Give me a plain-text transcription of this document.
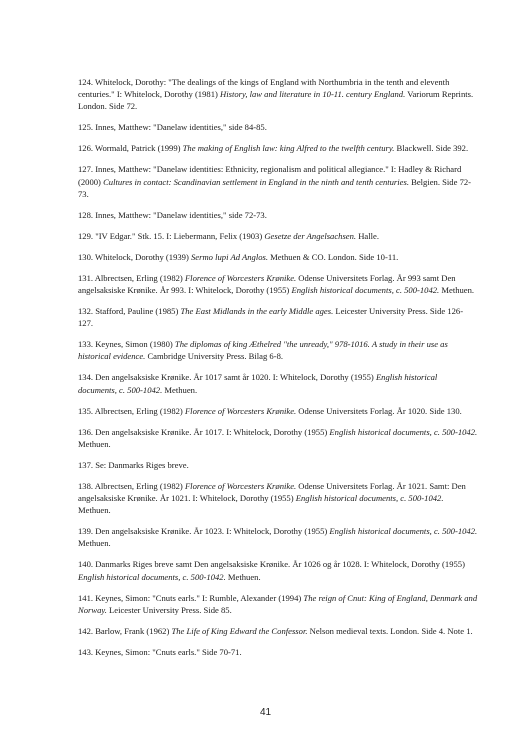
124. Whitelock, Dorothy: "The dealings of the kings of England with Northumbria in the tenth and eleventh centuries." I: Whitelock, Dorothy (1981) History, law and literature in 10-11. century England. Variorum Reprints. London. Side 72.

125. Innes, Matthew: "Danelaw identities," side 84-85.

126. Wormald, Patrick (1999) The making of English law: king Alfred to the twelfth century. Blackwell. Side 392.

127. Innes, Matthew: "Danelaw identities: Ethnicity, regionalism and political allegiance." I: Hadley & Richard (2000) Cultures in contact: Scandinavian settlement in England in the ninth and tenth centuries. Belgien. Side 72-73.

128. Innes, Matthew: "Danelaw identities," side 72-73.

129. "IV Edgar." Stk. 15. I: Liebermann, Felix (1903) Gesetze der Angelsachsen. Halle.

130. Whitelock, Dorothy (1939) Sermo lupi Ad Anglos. Methuen & CO. London. Side 10-11.

131. Albrectsen, Erling (1982) Florence of Worcesters Krønike. Odense Universitets Forlag. År 993 samt Den angelsaksiske Krønike. År 993. I: Whitelock, Dorothy (1955) English historical documents, c. 500-1042. Methuen.

132. Stafford, Pauline (1985) The East Midlands in the early Middle ages. Leicester University Press. Side 126-127.

133. Keynes, Simon (1980) The diplomas of king Æthelred "the unready," 978-1016. A study in their use as historical evidence. Cambridge University Press. Bilag 6-8.

134. Den angelsaksiske Krønike. År 1017 samt år 1020. I: Whitelock, Dorothy (1955) English historical documents, c. 500-1042. Methuen.

135. Albrectsen, Erling (1982) Florence of Worcesters Krønike. Odense Universitets Forlag. År 1020. Side 130.

136. Den angelsaksiske Krønike. År 1017. I: Whitelock, Dorothy (1955) English historical documents, c. 500-1042. Methuen.

137. Se: Danmarks Riges breve.

138. Albrectsen, Erling (1982) Florence of Worcesters Krønike. Odense Universitets Forlag. År 1021. Samt: Den angelsaksiske Krønike. År 1021. I: Whitelock, Dorothy (1955) English historical documents, c. 500-1042. Methuen.

139. Den angelsaksiske Krønike. År 1023. I: Whitelock, Dorothy (1955) English historical documents, c. 500-1042. Methuen.

140. Danmarks Riges breve samt Den angelsaksiske Krønike. År 1026 og år 1028. I: Whitelock, Dorothy (1955) English historical documents, c. 500-1042. Methuen.

141. Keynes, Simon: "Cnuts earls." I: Rumble, Alexander (1994) The reign of Cnut: King of England, Denmark and Norway. Leicester University Press. Side 85.

142. Barlow, Frank (1962) The Life of King Edward the Confessor. Nelson medieval texts. London. Side 4. Note 1.

143. Keynes, Simon: "Cnuts earls." Side 70-71.

41
